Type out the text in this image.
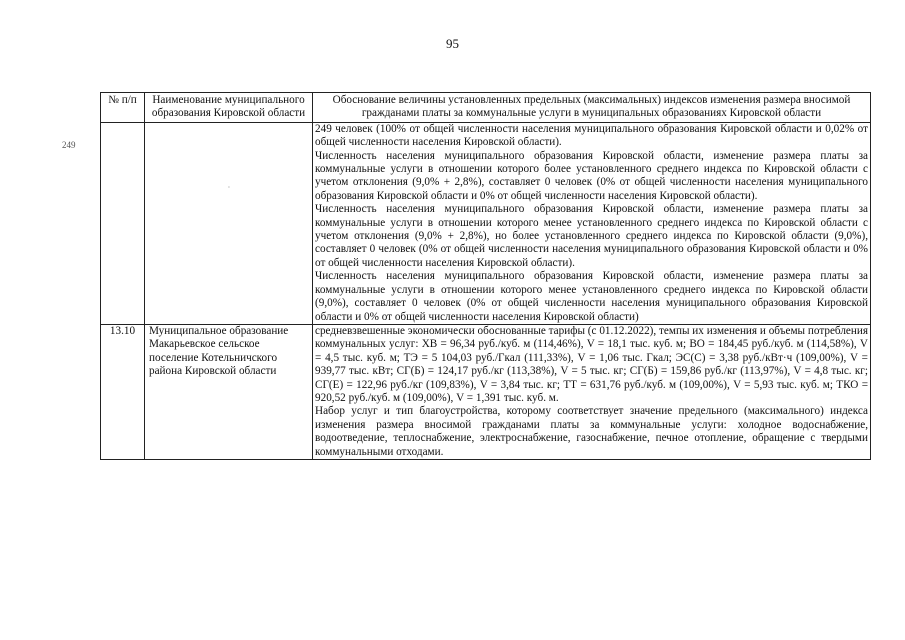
95
249
№ п/п	Наименование муниципального образования Кировской области	Обоснование величины установленных предельных (максимальных) индексов изменения размера вносимой гражданами платы за коммунальные услуги в муниципальных образованиях Кировской области

	·	249 человек (100% от общей численности населения муниципального образования Кировской области и 0,02% от общей численности населения Кировской области).
Численность населения муниципального образования Кировской области, изменение размера платы за коммунальные услуги в отношении которого более установленного среднего индекса по Кировской области с учетом отклонения (9,0% + 2,8%), составляет 0 человек (0% от общей численности населения муниципального образования Кировской области и 0% от общей численности населения Кировской области).
Численность населения муниципального образования Кировской области, изменение размера платы за коммунальные услуги в отношении которого менее установленного среднего индекса по Кировской области с учетом отклонения (9,0% + 2,8%), но более установленного среднего индекса по Кировской области (9,0%), составляет 0 человек (0% от общей численности населения муниципального образования Кировской области и 0% от общей численности населения Кировской области).
Численность населения муниципального образования Кировской области, изменение размера платы за коммунальные услуги в отношении которого менее установленного среднего индекса по Кировской области (9,0%), составляет 0 человек (0% от общей численности населения муниципального образования Кировской области и 0% от общей численности населения Кировской области)

13.10	Муниципальное образование Макарьевское сельское поселение Котельничского района Кировской области	средневзвешенные экономически обоснованные тарифы (с 01.12.2022), темпы их изменения и объемы потребления коммунальных услуг: ХВ = 96,34 руб./куб. м (114,46%), V = 18,1 тыс. куб. м; ВО = 184,45 руб./куб. м (114,58%), V = 4,5 тыс. куб. м; ТЭ = 5 104,03 руб./Гкал (111,33%), V = 1,06 тыс. Гкал; ЭС(С) = 3,38 руб./кВт·ч (109,00%), V = 939,77 тыс. кВт; СГ(Б) = 124,17 руб./кг (113,38%), V = 5 тыс. кг; СГ(Б) = 159,86 руб./кг (113,97%), V = 4,8 тыс. кг; СГ(Е) = 122,96 руб./кг (109,83%), V = 3,84 тыс. кг; ТТ = 631,76 руб./куб. м (109,00%), V = 5,93 тыс. куб. м; ТКО = 920,52 руб./куб. м (109,00%), V = 1,391 тыс. куб. м.
Набор услуг и тип благоустройства, которому соответствует значение предельного (максимального) индекса изменения размера вносимой гражданами платы за коммунальные услуги: холодное водоснабжение, водоотведение, теплоснабжение, электроснабжение, газоснабжение, печное отопление, обращение с твердыми коммунальными отходами.
